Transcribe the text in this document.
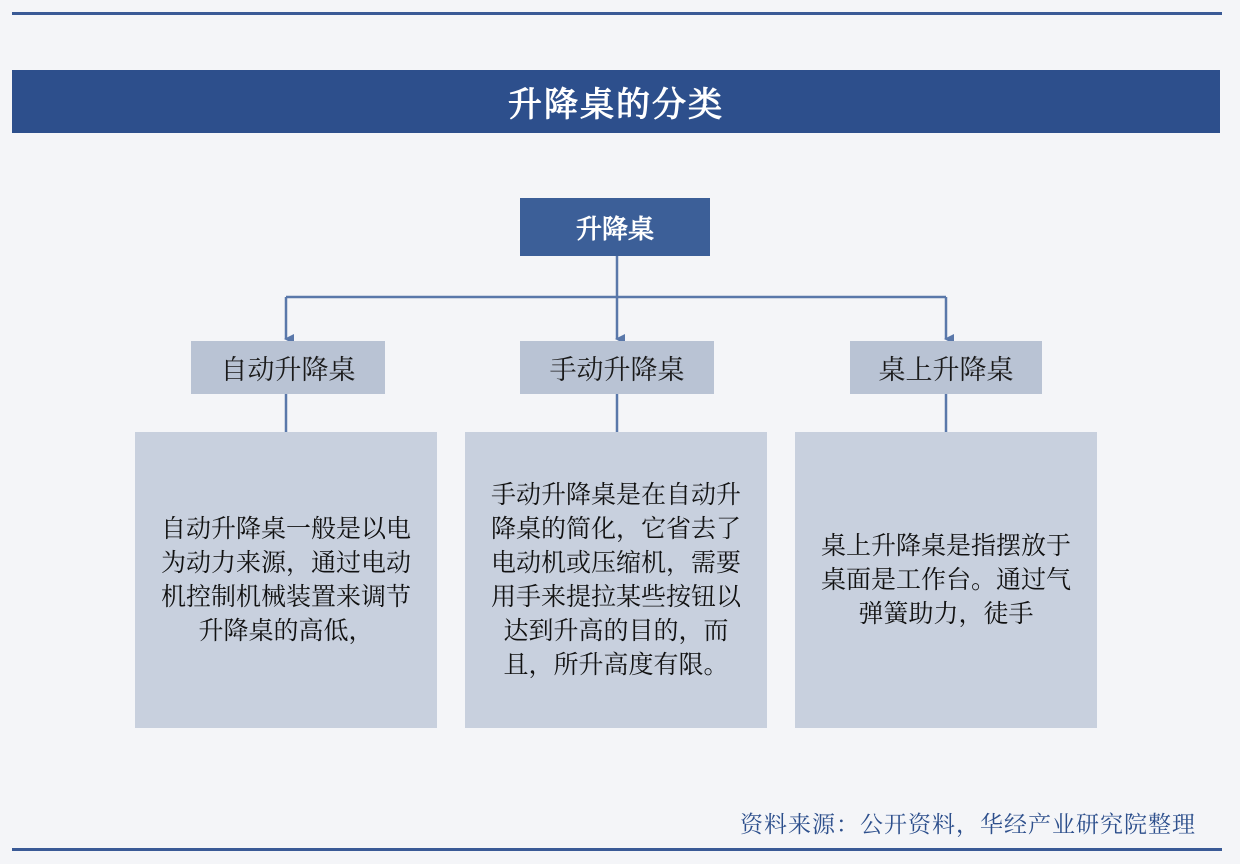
升降桌的分类
升降桌
自动升降桌	手动升降桌	桌上升降桌

自动升降桌一般是以电为动力来源，通过电动机控制机械装置来调节升降桌的高低，

手动升降桌是在自动升降桌的简化，它省去了电动机或压缩机，需要用手来提拉某些按钮以达到升高的目的，而且，所升高度有限。

桌上升降桌是指摆放于桌面是工作台。通过气弹簧助力，徒手

资料来源：公开资料，华经产业研究院整理
